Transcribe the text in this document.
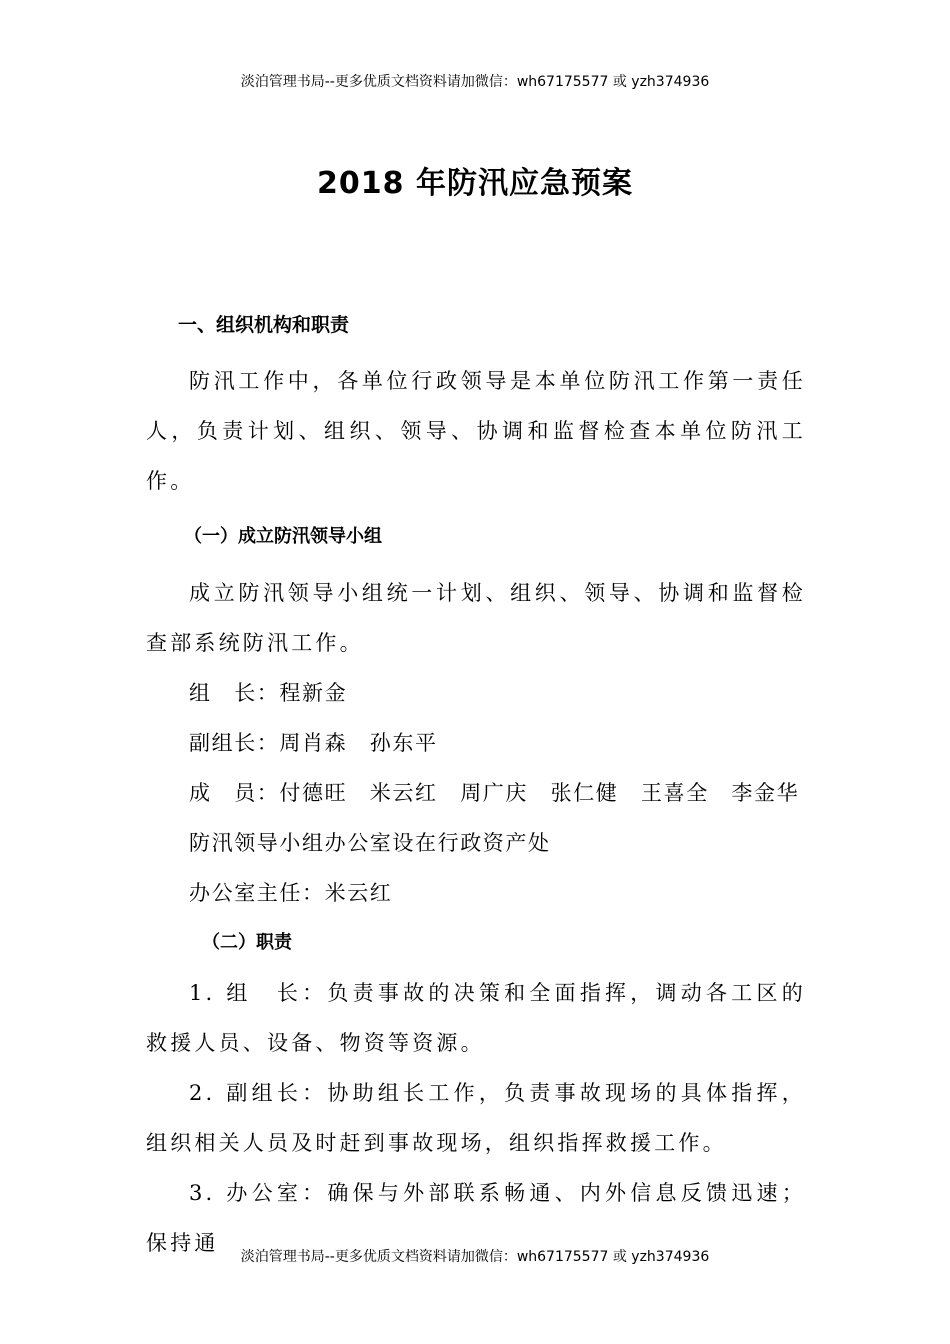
淡泊管理书局--更多优质文档资料请加微信：wh67175577 或 yzh374936
2018 年防汛应急预案
一、组织机构和职责
防汛工作中，各单位行政领导是本单位防汛工作第一责任人，负责计划、组织、领导、协调和监督检查本单位防汛工作。
（一）成立防汛领导小组
成立防汛领导小组统一计划、组织、领导、协调和监督检查部系统防汛工作。
组　长：程新金
副组长：周肖森　孙东平
成　员：付德旺　米云红　周广庆　张仁健　王喜全　李金华
防汛领导小组办公室设在行政资产处
办公室主任：米云红
（二）职责
1. 组　长：负责事故的决策和全面指挥，调动各工区的救援人员、设备、物资等资源。
2. 副组长：协助组长工作，负责事故现场的具体指挥，组织相关人员及时赶到事故现场，组织指挥救援工作。
3. 办公室：确保与外部联系畅通、内外信息反馈迅速；保持通
淡泊管理书局--更多优质文档资料请加微信：wh67175577 或 yzh374936
